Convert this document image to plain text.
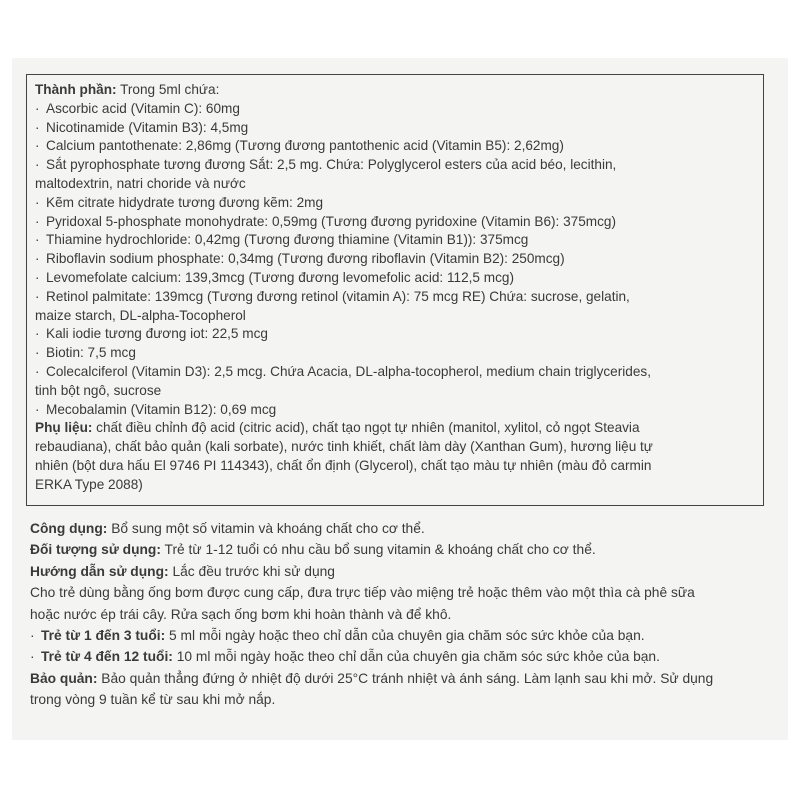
Thành phần: Trong 5ml chứa:
· Ascorbic acid (Vitamin C): 60mg
· Nicotinamide (Vitamin B3): 4,5mg
· Calcium pantothenate: 2,86mg (Tương đương pantothenic acid (Vitamin B5): 2,62mg)
· Sắt pyrophosphate tương đương Sắt: 2,5 mg. Chứa: Polyglycerol esters của acid béo, lecithin,
maltodextrin, natri choride và nước
· Kẽm citrate hidydrate tương đương kẽm: 2mg
· Pyridoxal 5-phosphate monohydrate: 0,59mg (Tương đương pyridoxine (Vitamin B6): 375mcg)
· Thiamine hydrochloride: 0,42mg (Tương đương thiamine (Vitamin B1)): 375mcg
· Riboflavin sodium phosphate: 0,34mg (Tương đương riboflavin (Vitamin B2): 250mcg)
· Levomefolate calcium: 139,3mcg (Tương đương levomefolic acid: 112,5 mcg)
· Retinol palmitate: 139mcg (Tương đương retinol (vitamin A): 75 mcg RE) Chứa: sucrose, gelatin,
maize starch, DL-alpha-Tocopherol
· Kali iodie tương đương iot: 22,5 mcg
· Biotin: 7,5 mcg
· Colecalciferol (Vitamin D3): 2,5 mcg. Chứa Acacia, DL-alpha-tocopherol, medium chain triglycerides,
tinh bột ngô, sucrose
· Mecobalamin (Vitamin B12): 0,69 mcg
Phụ liệu: chất điều chỉnh độ acid (citric acid), chất tạo ngọt tự nhiên (manitol, xylitol, cỏ ngọt Steavia
rebaudiana), chất bảo quản (kali sorbate), nước tinh khiết, chất làm dày (Xanthan Gum), hương liệu tự
nhiên (bột dưa hấu El 9746 PI 114343), chất ổn định (Glycerol), chất tạo màu tự nhiên (màu đỏ carmin
ERKA Type 2088)
Công dụng: Bổ sung một số vitamin và khoáng chất cho cơ thể.
Đối tượng sử dụng: Trẻ từ 1-12 tuổi có nhu cầu bổ sung vitamin & khoáng chất cho cơ thể.
Hướng dẫn sử dụng: Lắc đều trước khi sử dụng
Cho trẻ dùng bằng ống bơm được cung cấp, đưa trực tiếp vào miệng trẻ hoặc thêm vào một thìa cà phê sữa
hoặc nước ép trái cây. Rửa sạch ống bơm khi hoàn thành và để khô.
· Trẻ từ 1 đến 3 tuổi: 5 ml mỗi ngày hoặc theo chỉ dẫn của chuyên gia chăm sóc sức khỏe của bạn.
· Trẻ từ 4 đến 12 tuổi: 10 ml mỗi ngày hoặc theo chỉ dẫn của chuyên gia chăm sóc sức khỏe của bạn.
Bảo quản: Bảo quản thẳng đứng ở nhiệt độ dưới 25°C tránh nhiệt và ánh sáng. Làm lạnh sau khi mở. Sử dụng
trong vòng 9 tuần kể từ sau khi mở nắp.
